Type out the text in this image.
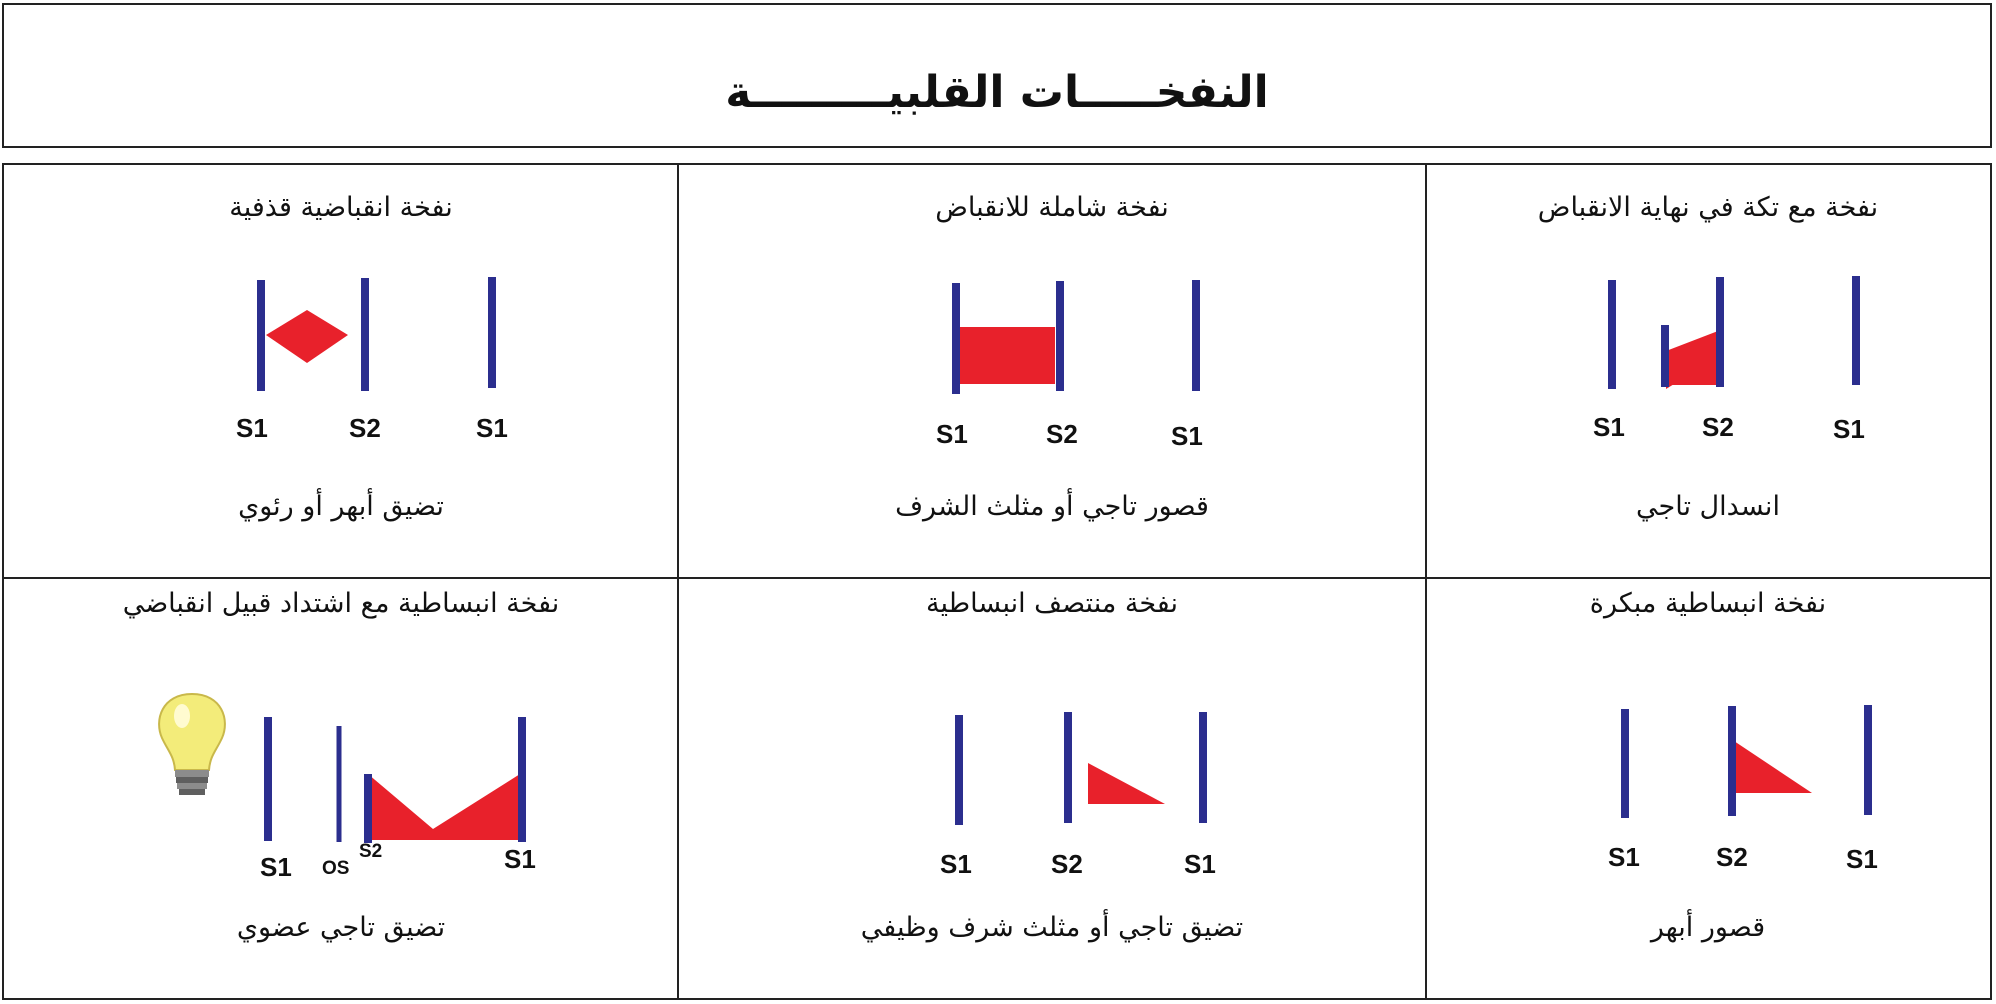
النفخـــــات القلبيـــــــــة
نفخة انقباضية قذفية
S1	S2	S1
تضيق أبهر أو رئوي
نفخة شاملة للانقباض
S1	S2	S1
قصور تاجي أو مثلث الشرف
نفخة مع تكة في نهاية الانقباض
S1	S2	S1
انسدال تاجي
نفخة انبساطية مع اشتداد قبيل انقباضي
S1 OS
S2	S1
تضيق تاجي عضوي
نفخة منتصف انبساطية
S1	S2	S1
تضيق تاجي أو مثلث شرف وظيفي
نفخة انبساطية مبكرة
S1	S2	S1
قصور أبهر
